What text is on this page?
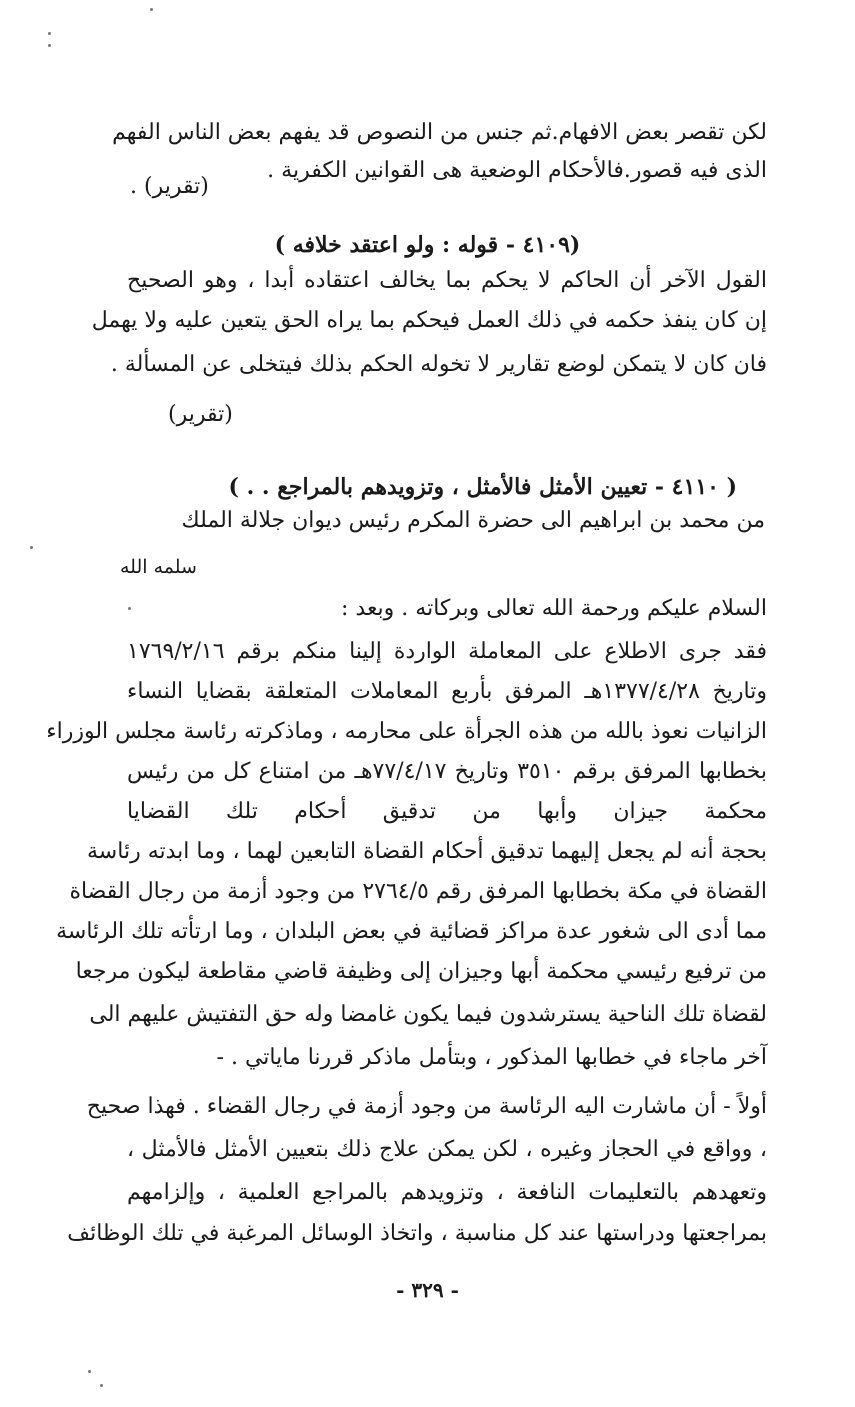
لكن تقصر بعض الافهام.ثم جنس من النصوص قد يفهم بعض الناس الفهم

الذى فيه قصور.فالأحكام الوضعية هى القوانين الكفرية .

(تقرير) .

(٤١٠٩ - قوله : ولو اعتقد خلافه )

القول الآخر أن الحاكم لا يحكم بما يخالف اعتقاده أبدا ، وهو الصحيح

إن كان ينفذ حكمه في ذلك العمل فيحكم بما يراه الحق يتعين عليه ولا يهمل

فان كان لا يتمكن لوضع تقارير لا تخوله الحكم بذلك فيتخلى عن المسألة .

(تقرير)

( ٤١١٠ - تعيين الأمثل فالأمثل ، وتزويدهم بالمراجع . . )

من محمد بن ابراهيم الى حضرة المكرم رئيس ديوان جلالة الملك

سلمه الله

السلام عليكم ورحمة الله تعالى وبركاته . وبعد :

فقد جرى الاطلاع على المعاملة الواردة إلينا منكم برقم ١٧٦٩/٢/١٦

وتاريخ ١٣٧٧/٤/٢٨هـ المرفق بأربع المعاملات المتعلقة بقضايا النساء

الزانيات نعوذ بالله من هذه الجرأة على محارمه ، وماذكرته رئاسة مجلس الوزراء

بخطابها المرفق برقم ٣٥١٠ وتاريخ ٧٧/٤/١٧هـ من امتناع كل من رئيس

محكمة جيزان وأبها من تدقيق أحكام تلك القضايا

بحجة أنه لم يجعل إليهما تدقيق أحكام القضاة التابعين لهما ، وما ابدته رئاسة

القضاة في مكة بخطابها المرفق رقم ٢٧٦٤/٥ من وجود أزمة من رجال القضاة

مما أدى الى شغور عدة مراكز قضائية في بعض البلدان ، وما ارتأته تلك الرئاسة

من ترفيع رئيسي محكمة أبها وجيزان إلى وظيفة قاضي مقاطعة ليكون مرجعا

لقضاة تلك الناحية يسترشدون فيما يكون غامضا وله حق التفتيش عليهم الى

آخر ماجاء في خطابها المذكور ، وبتأمل ماذكر قررنا ماياتي . -

أولاً - أن ماشارت اليه الرئاسة من وجود أزمة في رجال القضاء . فهذا صحيح

، وواقع في الحجاز وغيره ، لكن يمكن علاج ذلك بتعيين الأمثل فالأمثل ،

وتعهدهم بالتعليمات النافعة ، وتزويدهم بالمراجع العلمية ، وإلزامهم

بمراجعتها ودراستها عند كل مناسبة ، واتخاذ الوسائل المرغبة في تلك الوظائف

- ٣٢٩ -
